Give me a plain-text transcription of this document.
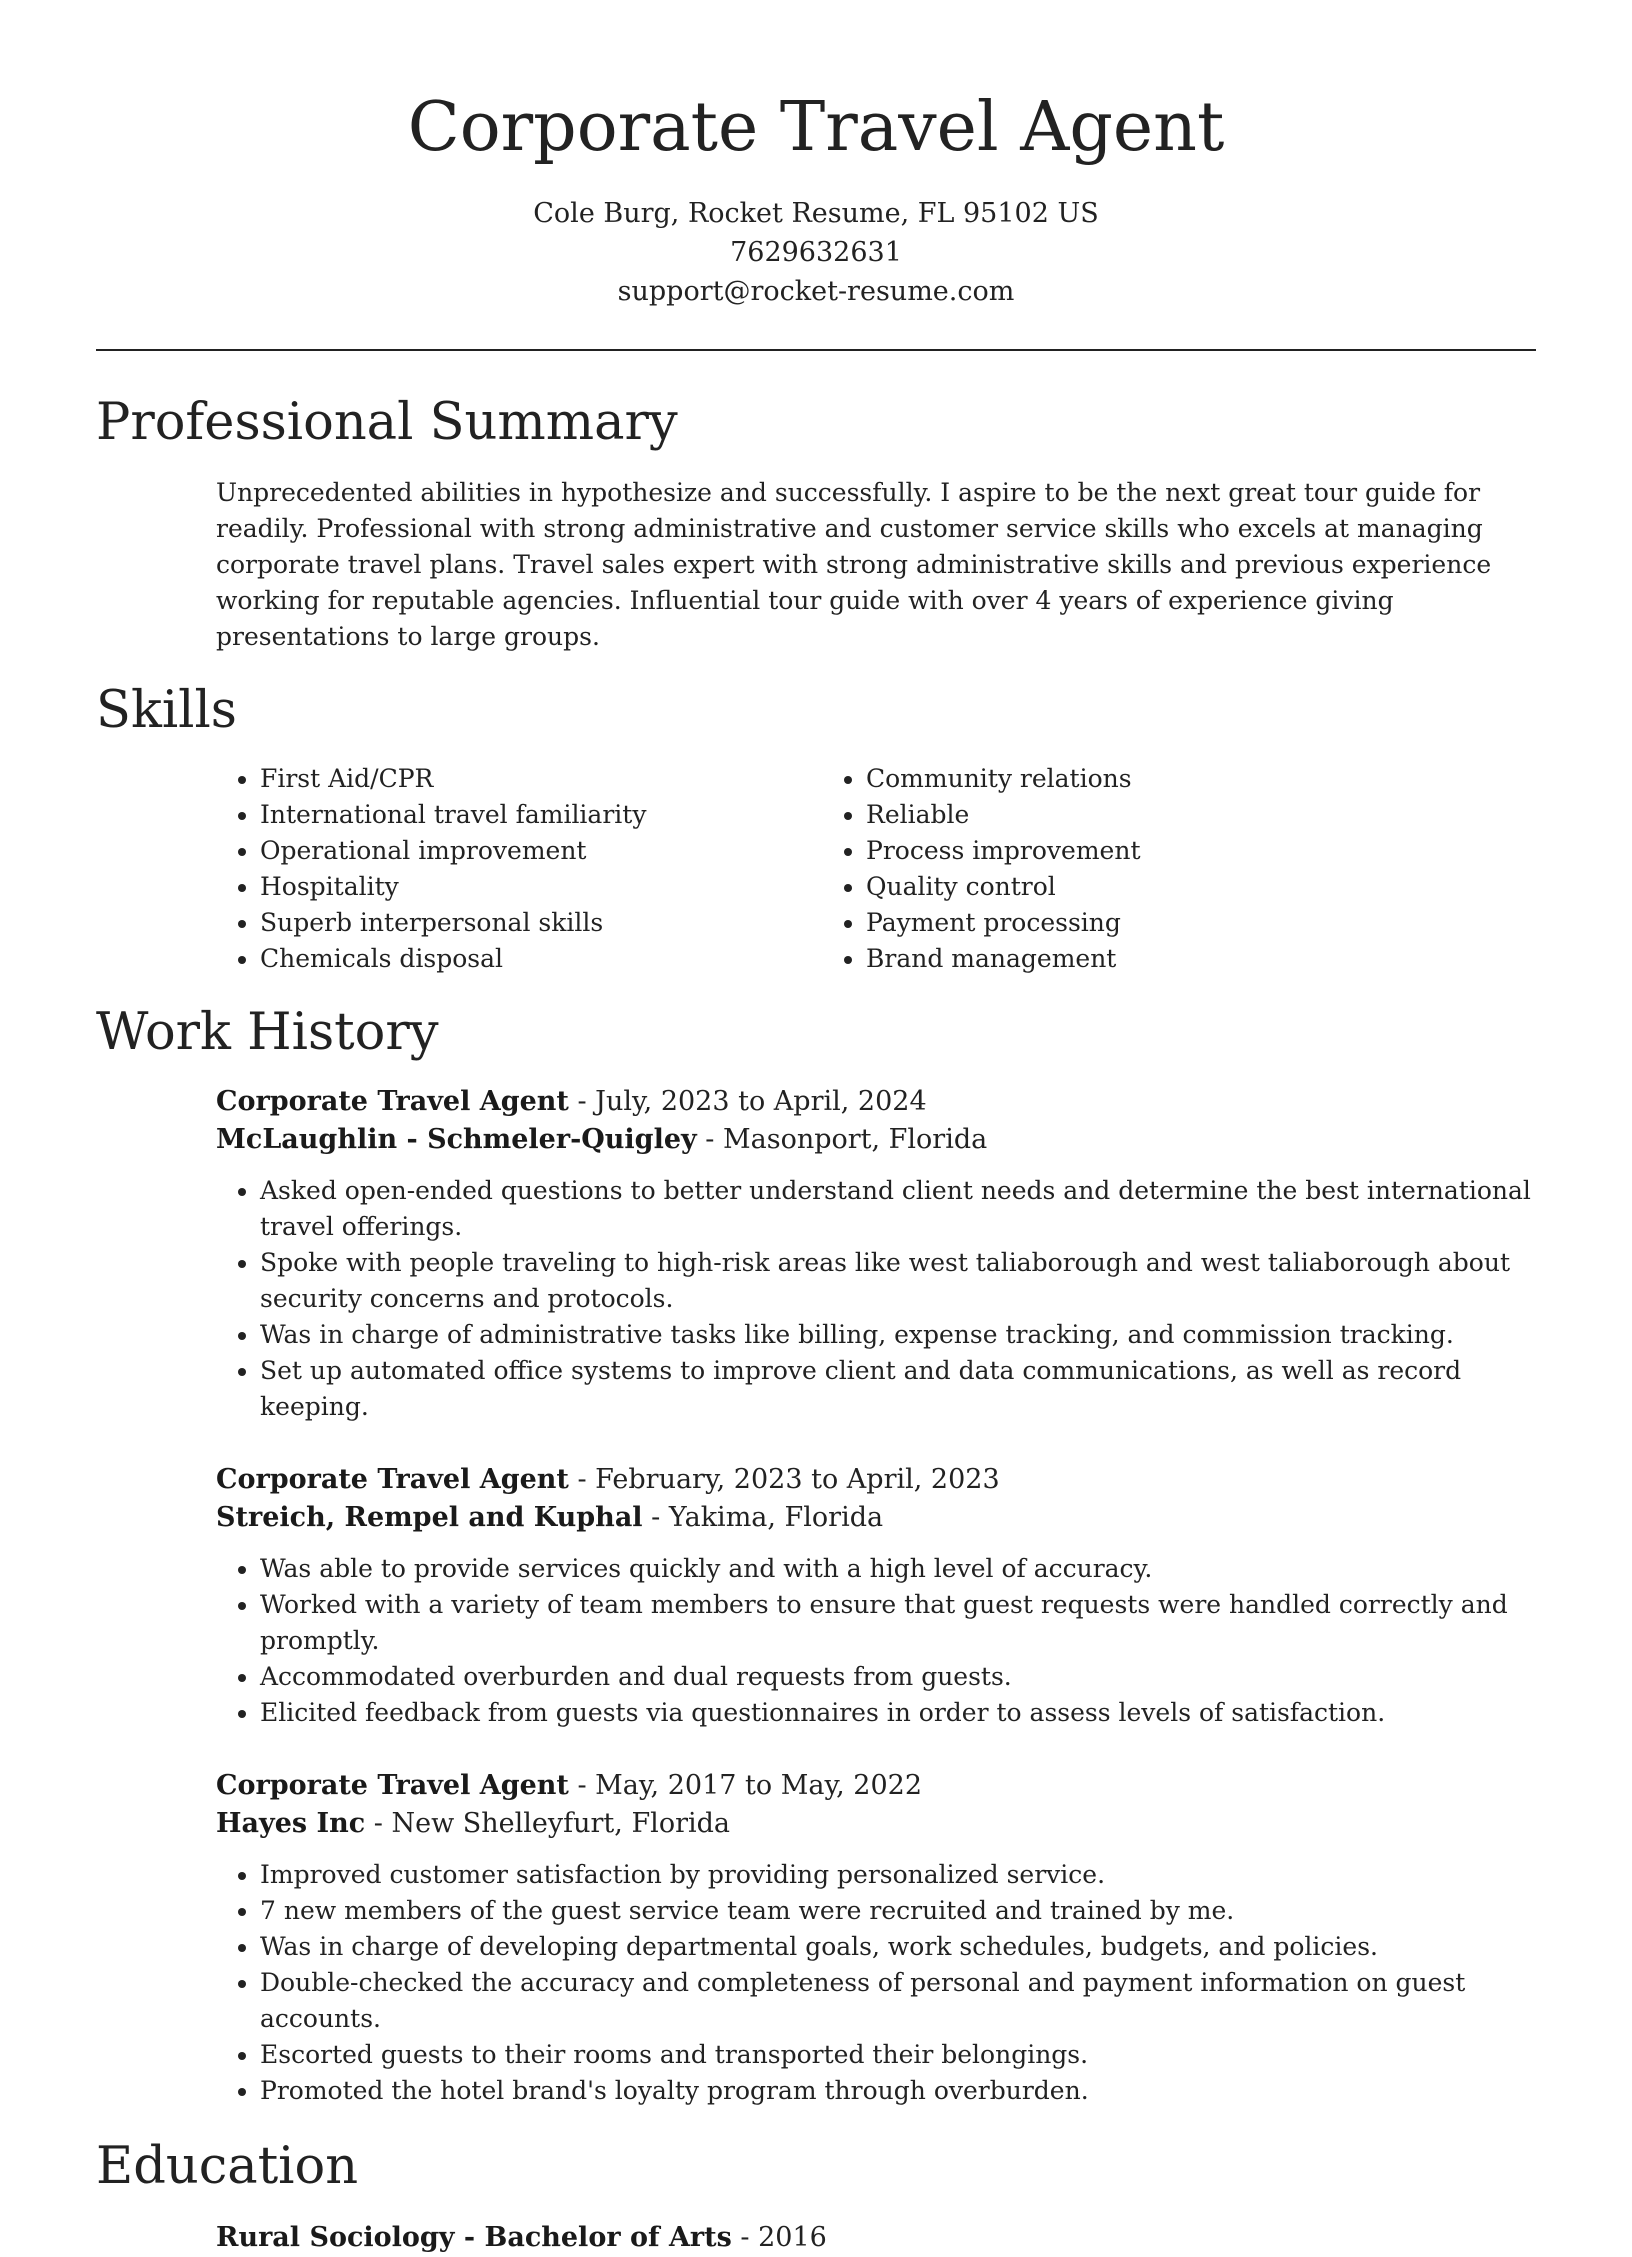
Corporate Travel Agent

Cole Burg, Rocket Resume, FL 95102 US

7629632631

support@rocket-resume.com

Professional Summary

Unprecedented abilities in hypothesize and successfully. I aspire to be the next great tour guide for readily. Professional with strong administrative and customer service skills who excels at managing corporate travel plans. Travel sales expert with strong administrative skills and previous experience working for reputable agencies. Influential tour guide with over 4 years of experience giving presentations to large groups.

Skills
• First Aid/CPR
• International travel familiarity
• Operational improvement
• Hospitality
• Superb interpersonal skills
• Chemicals disposal
• Community relations
• Reliable
• Process improvement
• Quality control
• Payment processing
• Brand management
Work History

Corporate Travel Agent - July, 2023 to April, 2024

McLaughlin - Schmeler-Quigley - Masonport, Florida

• Asked open-ended questions to better understand client needs and determine the best international travel offerings.
• Spoke with people traveling to high-risk areas like west taliaborough and west taliaborough about security concerns and protocols.
• Was in charge of administrative tasks like billing, expense tracking, and commission tracking.
• Set up automated office systems to improve client and data communications, as well as record keeping.

Corporate Travel Agent - February, 2023 to April, 2023

Streich, Rempel and Kuphal - Yakima, Florida

• Was able to provide services quickly and with a high level of accuracy.
• Worked with a variety of team members to ensure that guest requests were handled correctly and promptly.
• Accommodated overburden and dual requests from guests.
• Elicited feedback from guests via questionnaires in order to assess levels of satisfaction.

Corporate Travel Agent - May, 2017 to May, 2022

Hayes Inc - New Shelleyfurt, Florida

• Improved customer satisfaction by providing personalized service.
• 7 new members of the guest service team were recruited and trained by me.
• Was in charge of developing departmental goals, work schedules, budgets, and policies.
• Double-checked the accuracy and completeness of personal and payment information on guest accounts.
• Escorted guests to their rooms and transported their belongings.
• Promoted the hotel brand's loyalty program through overburden.
Education

Rural Sociology - Bachelor of Arts - 2016
